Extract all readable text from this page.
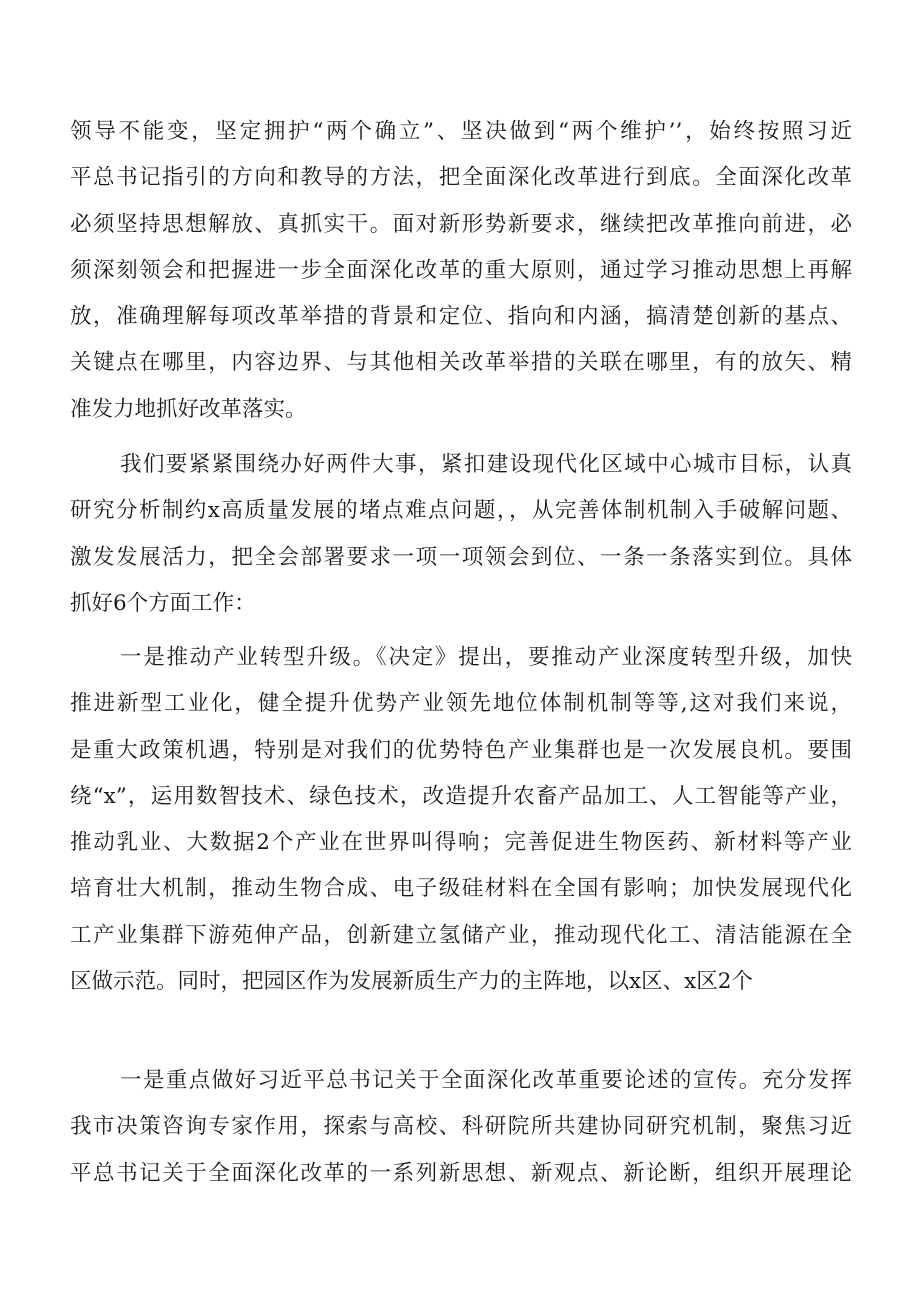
领导不能变，坚定拥护“两个确立”、坚决做到“两个维护’’，始终按照习近
平总书记指引的方向和教导的方法，把全面深化改革进行到底。全面深化改革
必须坚持思想解放、真抓实干。面对新形势新要求，继续把改革推向前进，必
须深刻领会和把握进一步全面深化改革的重大原则，通过学习推动思想上再解
放，准确理解每项改革举措的背景和定位、指向和内涵，搞清楚创新的基点、
关键点在哪里，内容边界、与其他相关改革举措的关联在哪里，有的放矢、精
准发力地抓好改革落实。
我们要紧紧围绕办好两件大事，紧扣建设现代化区域中心城市目标，认真
研究分析制约x高质量发展的堵点难点问题，，从完善体制机制入手破解问题、
激发发展活力，把全会部署要求一项一项领会到位、一条一条落实到位。具体
抓好6个方面工作：
一是推动产业转型升级。《决定》提出，要推动产业深度转型升级，加快
推进新型工业化，健全提升优势产业领先地位体制机制等等,这对我们来说，
是重大政策机遇，特别是对我们的优势特色产业集群也是一次发展良机。要围
绕“x”，运用数智技术、绿色技术，改造提升农畜产品加工、人工智能等产业，
推动乳业、大数据2个产业在世界叫得响；完善促进生物医药、新材料等产业
培育壮大机制，推动生物合成、电子级硅材料在全国有影响；加快发展现代化
工产业集群下游苑伸产品，创新建立氢储产业，推动现代化工、清洁能源在全
区做示范。同时，把园区作为发展新质生产力的主阵地，以x区、x区2个
一是重点做好习近平总书记关于全面深化改革重要论述的宣传。充分发挥
我市决策咨询专家作用，探索与高校、科研院所共建协同研究机制，聚焦习近
平总书记关于全面深化改革的一系列新思想、新观点、新论断，组织开展理论
